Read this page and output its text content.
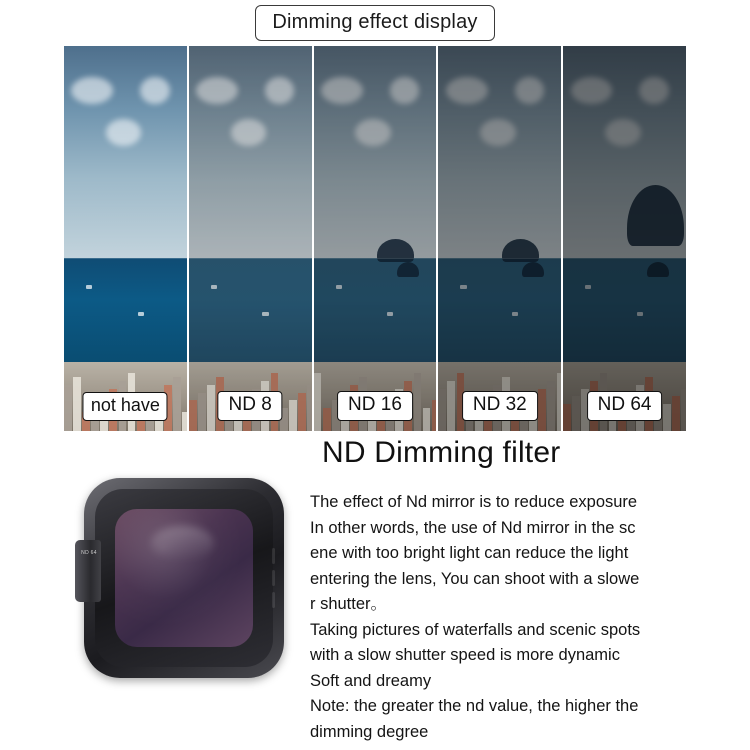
Dimming effect display
not have	ND 8	ND 16	ND 32	ND 64
ND Dimming filter
ND 64

The effect of Nd mirror is to reduce exposure

In other words, the use of Nd mirror in the sc

ene with too bright light can reduce the light

entering the lens, You can shoot with a slowe

r shutter。

Taking pictures of waterfalls and scenic spots

with a slow shutter speed is more dynamic

Soft and dreamy

Note: the greater the nd value, the higher the

dimming degree
